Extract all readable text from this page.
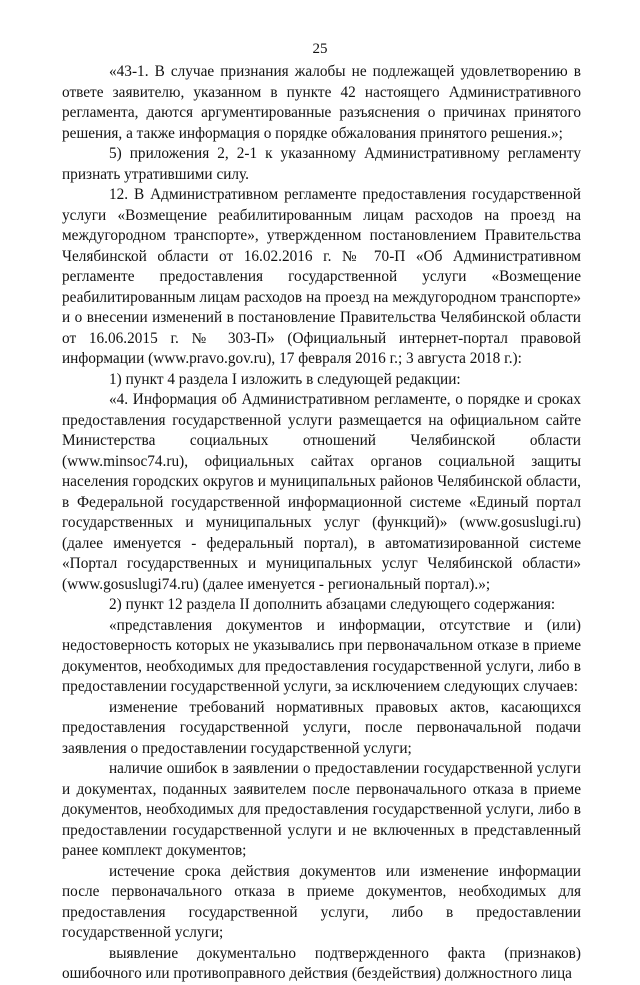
25

«43-1. В случае признания жалобы не подлежащей удовлетворению в ответе заявителю, указанном в пункте 42 настоящего Административного регламента, даются аргументированные разъяснения о причинах принятого решения, а также информация о порядке обжалования принятого решения.»;

5) приложения 2, 2-1 к указанному Административному регламенту признать утратившими силу.

12. В Административном регламенте предоставления государственной услуги «Возмещение реабилитированным лицам расходов на проезд на междугородном транспорте», утвержденном постановлением Правительства Челябинской области от 16.02.2016 г. № 70-П «Об Административном регламенте предоставления государственной услуги «Возмещение реабилитированным лицам расходов на проезд на междугородном транспорте» и о внесении изменений в постановление Правительства Челябинской области от 16.06.2015 г. № 303-П» (Официальный интернет-портал правовой информации (www.pravo.gov.ru), 17 февраля 2016 г.; 3 августа 2018 г.):

1) пункт 4 раздела I изложить в следующей редакции:

«4. Информация об Административном регламенте, о порядке и сроках предоставления государственной услуги размещается на официальном сайте Министерства социальных отношений Челябинской области (www.minsoc74.ru), официальных сайтах органов социальной защиты населения городских округов и муниципальных районов Челябинской области, в Федеральной государственной информационной системе «Единый портал государственных и муниципальных услуг (функций)» (www.gosuslugi.ru) (далее именуется - федеральный портал), в автоматизированной системе «Портал государственных и муниципальных услуг Челябинской области» (www.gosuslugi74.ru) (далее именуется - региональный портал).»;

2) пункт 12 раздела II дополнить абзацами следующего содержания:

«представления документов и информации, отсутствие и (или) недостоверность которых не указывались при первоначальном отказе в приеме документов, необходимых для предоставления государственной услуги, либо в предоставлении государственной услуги, за исключением следующих случаев:

изменение требований нормативных правовых актов, касающихся предоставления государственной услуги, после первоначальной подачи заявления о предоставлении государственной услуги;

наличие ошибок в заявлении о предоставлении государственной услуги и документах, поданных заявителем после первоначального отказа в приеме документов, необходимых для предоставления государственной услуги, либо в предоставлении государственной услуги и не включенных в представленный ранее комплект документов;

истечение срока действия документов или изменение информации после первоначального отказа в приеме документов, необходимых для предоставления государственной услуги, либо в предоставлении государственной услуги;

выявление документально подтвержденного факта (признаков) ошибочного или противоправного действия (бездействия) должностного лица
